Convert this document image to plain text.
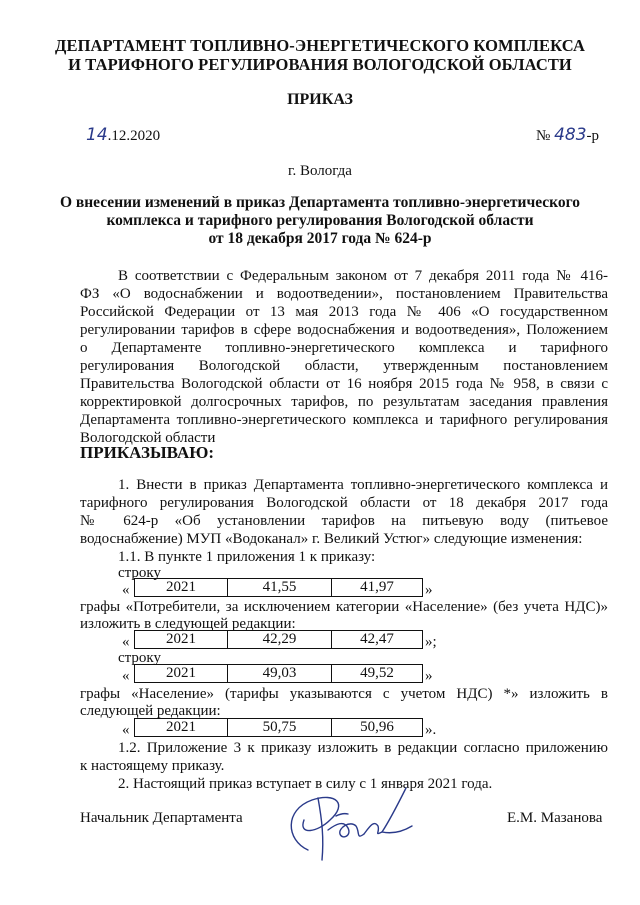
ДЕПАРТАМЕНТ ТОПЛИВНО-ЭНЕРГЕТИЧЕСКОГО КОМПЛЕКСА
И ТАРИФНОГО РЕГУЛИРОВАНИЯ ВОЛОГОДСКОЙ ОБЛАСТИ
ПРИКАЗ
14.12.2020	№ 483-р
г. Вологда
О внесении изменений в приказ Департамента топливно-энергетического
комплекса и тарифного регулирования Вологодской области
от 18 декабря 2017 года № 624-р
В соответствии с Федеральным законом от 7 декабря 2011 года № 416-
ФЗ «О водоснабжении и водоотведении», постановлением Правительства
Российской Федерации от 13 мая 2013 года № 406 «О государственном
регулировании тарифов в сфере водоснабжения и водоотведения», Положением
о Департаменте топливно-энергетического комплекса и тарифного
регулирования Вологодской области, утвержденным постановлением
Правительства Вологодской области от 16 ноября 2015 года № 958, в связи с
корректировкой долгосрочных тарифов, по результатам заседания правления
Департамента топливно-энергетического комплекса и тарифного регулирования
Вологодской области
ПРИКАЗЫВАЮ:
1. Внести в приказ Департамента топливно-энергетического комплекса и
тарифного регулирования Вологодской области от 18 декабря 2017 года
№ 624-р «Об установлении тарифов на питьевую воду (питьевое
водоснабжение) МУП «Водоканал» г. Великий Устюг» следующие изменения:
1.1. В пункте 1 приложения 1 к приказу:
строку
« 2021	41,55	41,97 »
графы «Потребители, за исключением категории «Население» (без учета НДС)»
изложить в следующей редакции:
« 2021	42,29	42,47 »;
строку
« 2021	49,03	49,52 »
графы «Население» (тарифы указываются с учетом НДС) *» изложить в
следующей редакции:
« 2021	50,75	50,96 ».
1.2. Приложение 3 к приказу изложить в редакции согласно приложению
к настоящему приказу.
2. Настоящий приказ вступает в силу с 1 января 2021 года.
Начальник Департамента	Е.М. Мазанова
